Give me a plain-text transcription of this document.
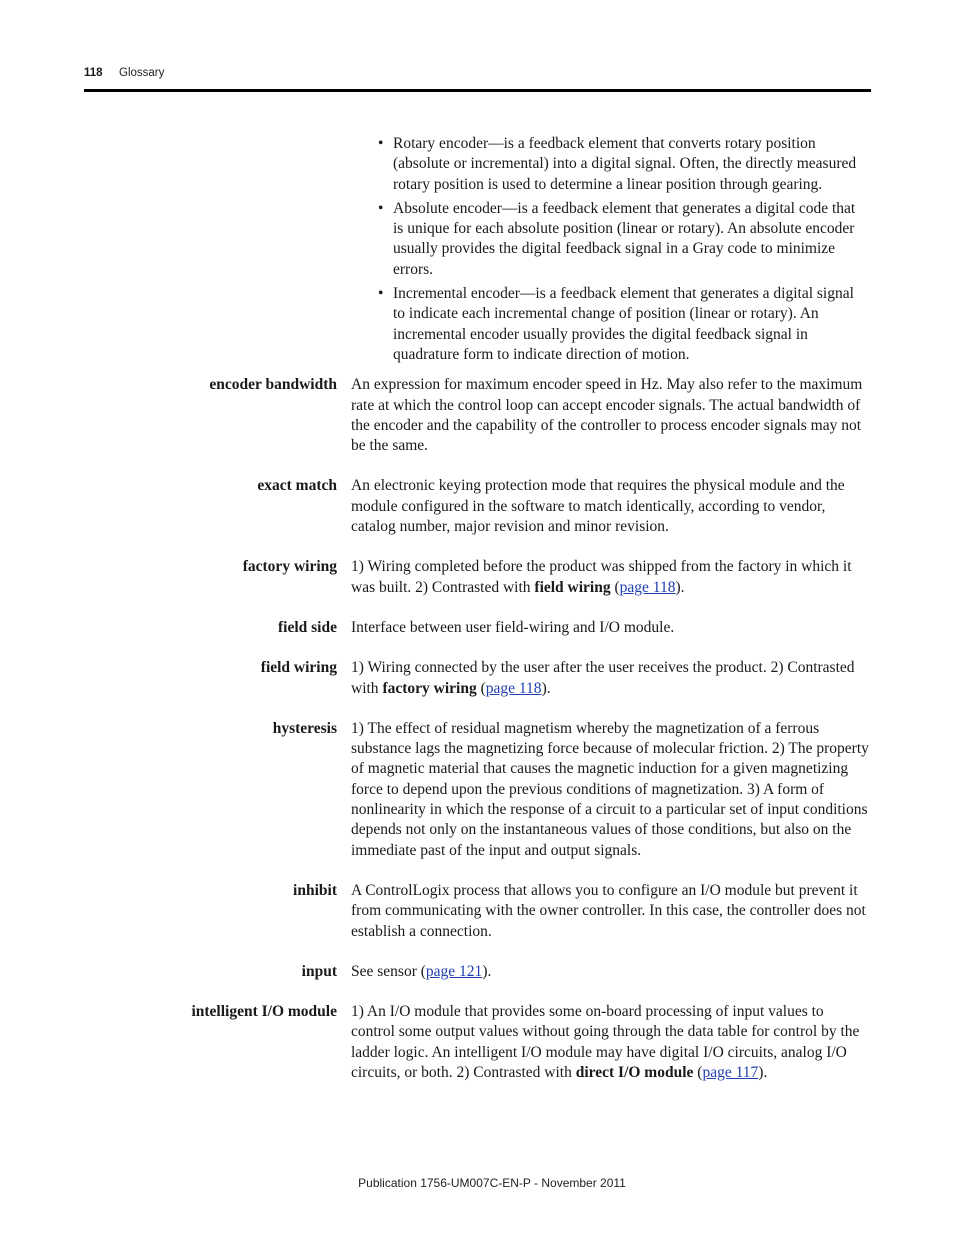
118 Glossary
• Rotary encoder—is a feedback element that converts rotary position (absolute or incremental) into a digital signal. Often, the directly measured rotary position is used to determine a linear position through gearing.
• Absolute encoder—is a feedback element that generates a digital code that is unique for each absolute position (linear or rotary). An absolute encoder usually provides the digital feedback signal in a Gray code to minimize errors.
• Incremental encoder—is a feedback element that generates a digital signal to indicate each incremental change of position (linear or rotary). An incremental encoder usually provides the digital feedback signal in quadrature form to indicate direction of motion.
encoder bandwidth An expression for maximum encoder speed in Hz. May also refer to the maximum rate at which the control loop can accept encoder signals. The actual bandwidth of the encoder and the capability of the controller to process encoder signals may not be the same.
exact match An electronic keying protection mode that requires the physical module and the module configured in the software to match identically, according to vendor, catalog number, major revision and minor revision.
factory wiring 1) Wiring completed before the product was shipped from the factory in which it was built. 2) Contrasted with field wiring (page 118).
field side Interface between user field-wiring and I/O module.
field wiring 1) Wiring connected by the user after the user receives the product. 2) Contrasted with factory wiring (page 118).
hysteresis 1) The effect of residual magnetism whereby the magnetization of a ferrous substance lags the magnetizing force because of molecular friction. 2) The property of magnetic material that causes the magnetic induction for a given magnetizing force to depend upon the previous conditions of magnetization. 3) A form of nonlinearity in which the response of a circuit to a particular set of input conditions depends not only on the instantaneous values of those conditions, but also on the immediate past of the input and output signals.
inhibit A ControlLogix process that allows you to configure an I/O module but prevent it from communicating with the owner controller. In this case, the controller does not establish a connection.
input See sensor (page 121).
intelligent I/O module 1) An I/O module that provides some on-board processing of input values to control some output values without going through the data table for control by the ladder logic. An intelligent I/O module may have digital I/O circuits, analog I/O circuits, or both. 2) Contrasted with direct I/O module (page 117).
Publication 1756-UM007C-EN-P - November 2011
